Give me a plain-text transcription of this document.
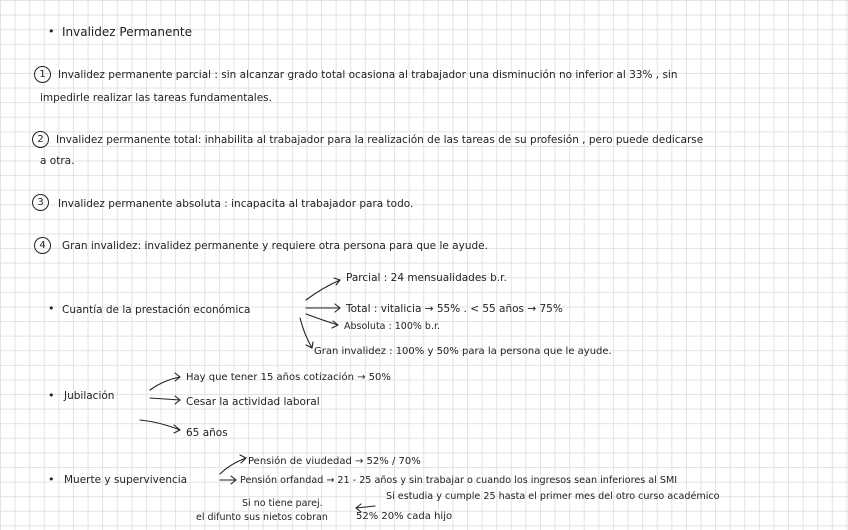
• Invalidez Permanente
1	Invalidez permanente parcial : sin alcanzar grado total ocasiona al trabajador una disminución no inferior al 33% , sin
impedirle realizar las tareas fundamentales.
2	Invalidez permanente total: inhabilita al trabajador para la realización de las tareas de su profesión , pero puede dedicarse
a otra.
3	Invalidez permanente absoluta : incapacita al trabajador para todo.
4	Gran invalidez: invalidez permanente y requiere otra persona para que le ayude.
Parcial : 24 mensualidades b.r.
• Cuantía de la prestación económica	Total : vitalicia → 55% . < 55 años → 75%
Absoluta : 100% b.r.
Gran invalidez : 100% y 50% para la persona que le ayude.
Hay que tener 15 años cotización → 50%
• Jubilación	Cesar la actividad laboral
65 años
Pensión de viudedad → 52% / 70%
• Muerte y supervivencia	Pensión orfandad → 21 - 25 años y sin trabajar o cuando los ingresos sean inferiores al SMI
Si estudia y cumple 25 hasta el primer mes del otro curso académico
Si no tiene parej.
el difunto sus nietos cobran	52% 20% cada hijo
